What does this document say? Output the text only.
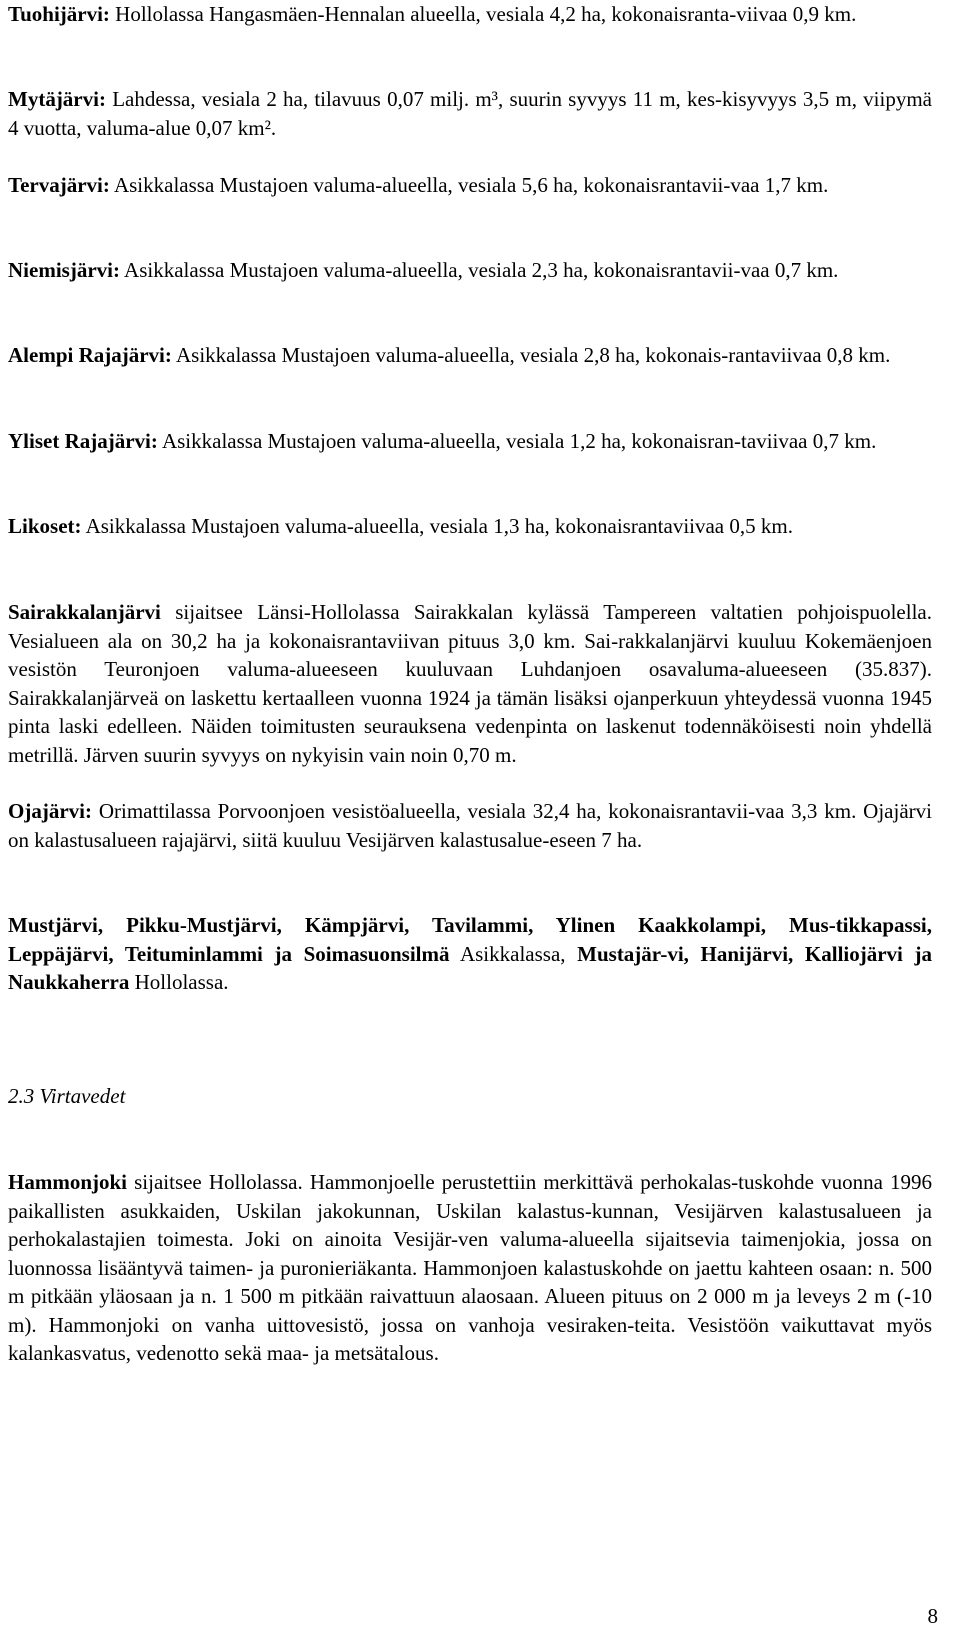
Tuohijärvi: Hollolassa Hangasmäen-Hennalan alueella, vesiala 4,2 ha, kokonaisranta-viivaa 0,9 km.

Mytäjärvi: Lahdessa, vesiala 2 ha, tilavuus 0,07 milj. m³, suurin syvyys 11 m, kes-kisyvyys 3,5 m, viipymä 4 vuotta, valuma-alue 0,07 km².

Tervajärvi: Asikkalassa Mustajoen valuma-alueella, vesiala 5,6 ha, kokonaisrantavii-vaa 1,7 km.

Niemisjärvi: Asikkalassa Mustajoen valuma-alueella, vesiala 2,3 ha, kokonaisrantavii-vaa 0,7 km.

Alempi Rajajärvi: Asikkalassa Mustajoen valuma-alueella, vesiala 2,8 ha, kokonais-rantaviivaa 0,8 km.

Yliset Rajajärvi: Asikkalassa Mustajoen valuma-alueella, vesiala 1,2 ha, kokonaisran-taviivaa 0,7 km.

Likoset: Asikkalassa Mustajoen valuma-alueella, vesiala 1,3 ha, kokonaisrantaviivaa 0,5 km.

Sairakkalanjärvi sijaitsee Länsi-Hollolassa Sairakkalan kylässä Tampereen valtatien pohjoispuolella. Vesialueen ala on 30,2 ha ja kokonaisrantaviivan pituus 3,0 km. Sai-rakkalanjärvi kuuluu Kokemäenjoen vesistön Teuronjoen valuma-alueeseen kuuluvaan Luhdanjoen osavaluma-alueeseen (35.837). Sairakkalanjärveä on laskettu kertaalleen vuonna 1924 ja tämän lisäksi ojanperkuun yhteydessä vuonna 1945 pinta laski edelleen. Näiden toimitusten seurauksena vedenpinta on laskenut todennäköisesti noin yhdellä metrillä. Järven suurin syvyys on nykyisin vain noin 0,70 m.

Ojajärvi: Orimattilassa Porvoonjoen vesistöalueella, vesiala 32,4 ha, kokonaisrantavii-vaa 3,3 km. Ojajärvi on kalastusalueen rajajärvi, siitä kuuluu Vesijärven kalastusalue-eseen 7 ha.

Mustjärvi, Pikku-Mustjärvi, Kämpjärvi, Tavilammi, Ylinen Kaakkolampi, Mus-tikkapassi, Leppäjärvi, Teituminlammi ja Soimasuonsilmä Asikkalassa, Mustajär-vi, Hanijärvi, Kalliojärvi ja Naukkaherra Hollolassa.

2.3 Virtavedet

Hammonjoki sijaitsee Hollolassa. Hammonjoelle perustettiin merkittävä perhokalas-tuskohde vuonna 1996 paikallisten asukkaiden, Uskilan jakokunnan, Uskilan kalastus-kunnan, Vesijärven kalastusalueen ja perhokalastajien toimesta. Joki on ainoita Vesijär-ven valuma-alueella sijaitsevia taimenjokia, jossa on luonnossa lisääntyvä taimen- ja puronieriäkanta. Hammonjoen kalastuskohde on jaettu kahteen osaan: n. 500 m pitkään yläosaan ja n. 1 500 m pitkään raivattuun alaosaan. Alueen pituus on 2 000 m ja leveys 2 m (-10 m). Hammonjoki on vanha uittovesistö, jossa on vanhoja vesiraken-teita. Vesistöön vaikuttavat myös kalankasvatus, vedenotto sekä maa- ja metsätalous.

8
